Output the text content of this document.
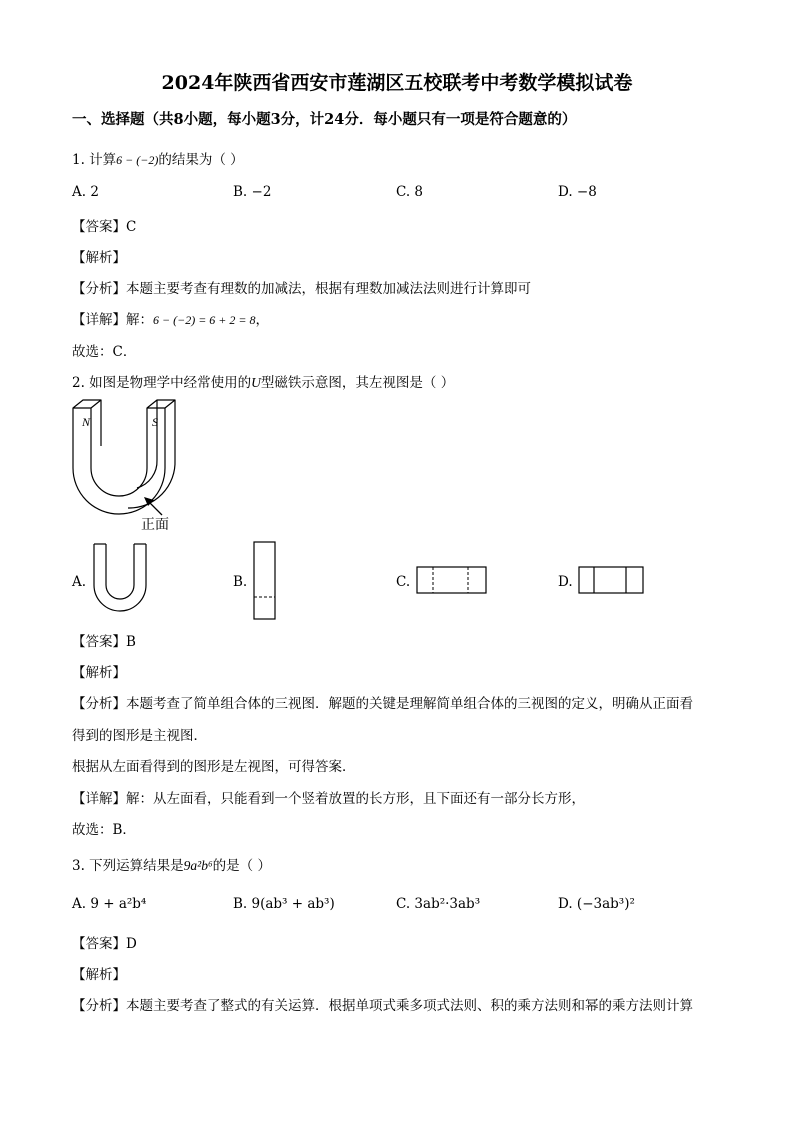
2024年陕西省西安市莲湖区五校联考中考数学模拟试卷
一、选择题（共8小题，每小题3分，计24分．每小题只有一项是符合题意的）
1. 计算6 − (−2)的结果为（ ）
A. 2	B. −2	C. 8	D. −8
【答案】C
【解析】
【分析】本题主要考查有理数的加减法，根据有理数加减法法则进行计算即可
【详解】解：6 − (−2) = 6 + 2 = 8，
故选：C．
2. 如图是物理学中经常使用的U型磁铁示意图，其左视图是（ ）
N	S
正面
A.	B.	C.	D.
【答案】B
【解析】
【分析】本题考查了简单组合体的三视图．解题的关键是理解简单组合体的三视图的定义，明确从正面看
得到的图形是主视图．
根据从左面看得到的图形是左视图，可得答案．
【详解】解：从左面看，只能看到一个竖着放置的长方形，且下面还有一部分长方形，
故选：B．
3. 下列运算结果是9a²b⁶的是（ ）
A. 9 + a²b⁴	B. 9(ab³ + ab³)	C. 3ab²·3ab³	D. (−3ab³)²
【答案】D
【解析】
【分析】本题主要考查了整式的有关运算．根据单项式乘多项式法则、积的乘方法则和幂的乘方法则计算
